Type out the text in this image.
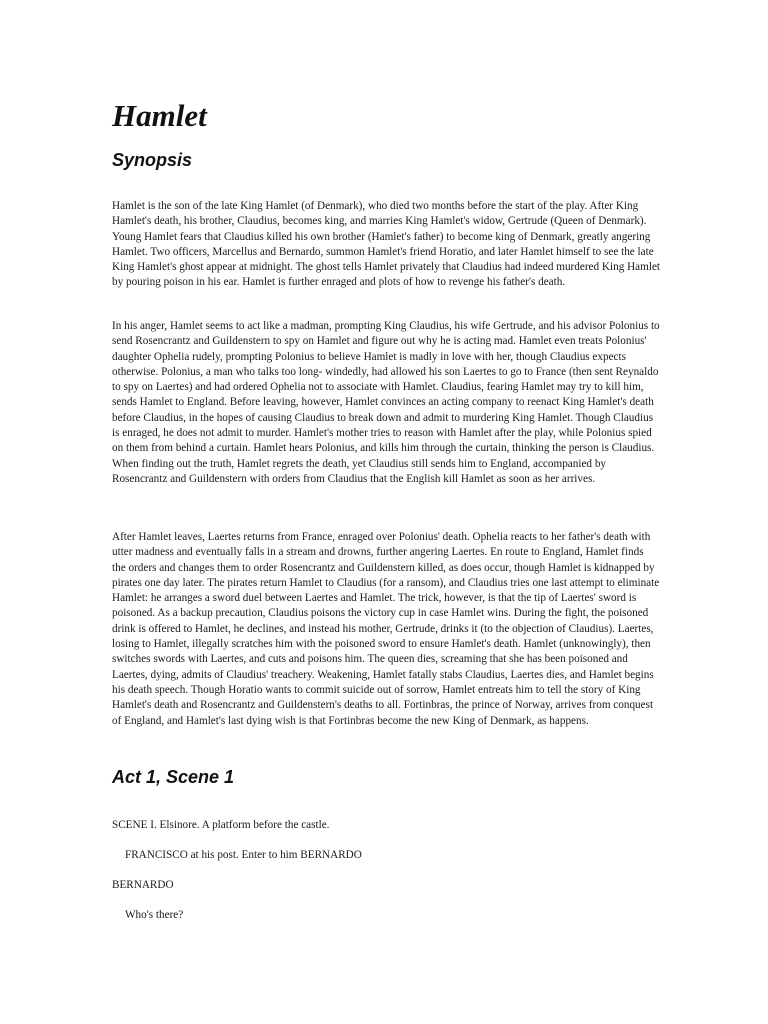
Hamlet
Synopsis

Hamlet is the son of the late King Hamlet (of Denmark), who died two months before the start of the play. After King Hamlet's death, his brother, Claudius, becomes king, and marries King Hamlet's widow, Gertrude (Queen of Denmark). Young Hamlet fears that Claudius killed his own brother (Hamlet's father) to become king of Denmark, greatly angering Hamlet. Two officers, Marcellus and Bernardo, summon Hamlet's friend Horatio, and later Hamlet himself to see the late King Hamlet's ghost appear at midnight. The ghost tells Hamlet privately that Claudius had indeed murdered King Hamlet by pouring poison in his ear. Hamlet is further enraged and plots of how to revenge his father's death.

In his anger, Hamlet seems to act like a madman, prompting King Claudius, his wife Gertrude, and his advisor Polonius to send Rosencrantz and Guildenstern to spy on Hamlet and figure out why he is acting mad. Hamlet even treats Polonius' daughter Ophelia rudely, prompting Polonius to believe Hamlet is madly in love with her, though Claudius expects otherwise. Polonius, a man who talks too long- windedly, had allowed his son Laertes to go to France (then sent Reynaldo to spy on Laertes) and had ordered Ophelia not to associate with Hamlet. Claudius, fearing Hamlet may try to kill him, sends Hamlet to England. Before leaving, however, Hamlet convinces an acting company to reenact King Hamlet's death before Claudius, in the hopes of causing Claudius to break down and admit to murdering King Hamlet. Though Claudius is enraged, he does not admit to murder. Hamlet's mother tries to reason with Hamlet after the play, while Polonius spied on them from behind a curtain. Hamlet hears Polonius, and kills him through the curtain, thinking the person is Claudius. When finding out the truth, Hamlet regrets the death, yet Claudius still sends him to England, accompanied by Rosencrantz and Guildenstern with orders from Claudius that the English kill Hamlet as soon as her arrives.

After Hamlet leaves, Laertes returns from France, enraged over Polonius' death. Ophelia reacts to her father's death with utter madness and eventually falls in a stream and drowns, further angering Laertes. En route to England, Hamlet finds the orders and changes them to order Rosencrantz and Guildenstern killed, as does occur, though Hamlet is kidnapped by pirates one day later. The pirates return Hamlet to Claudius (for a ransom), and Claudius tries one last attempt to eliminate Hamlet: he arranges a sword duel between Laertes and Hamlet. The trick, however, is that the tip of Laertes' sword is poisoned. As a backup precaution, Claudius poisons the victory cup in case Hamlet wins. During the fight, the poisoned drink is offered to Hamlet, he declines, and instead his mother, Gertrude, drinks it (to the objection of Claudius). Laertes, losing to Hamlet, illegally scratches him with the poisoned sword to ensure Hamlet's death. Hamlet (unknowingly), then switches swords with Laertes, and cuts and poisons him. The queen dies, screaming that she has been poisoned and Laertes, dying, admits of Claudius' treachery. Weakening, Hamlet fatally stabs Claudius, Laertes dies, and Hamlet begins his death speech. Though Horatio wants to commit suicide out of sorrow, Hamlet entreats him to tell the story of King Hamlet's death and Rosencrantz and Guildenstern's deaths to all. Fortinbras, the prince of Norway, arrives from conquest of England, and Hamlet's last dying wish is that Fortinbras become the new King of Denmark, as happens.

Act 1, Scene 1

SCENE I. Elsinore. A platform before the castle.

FRANCISCO at his post. Enter to him BERNARDO

BERNARDO

Who's there?
